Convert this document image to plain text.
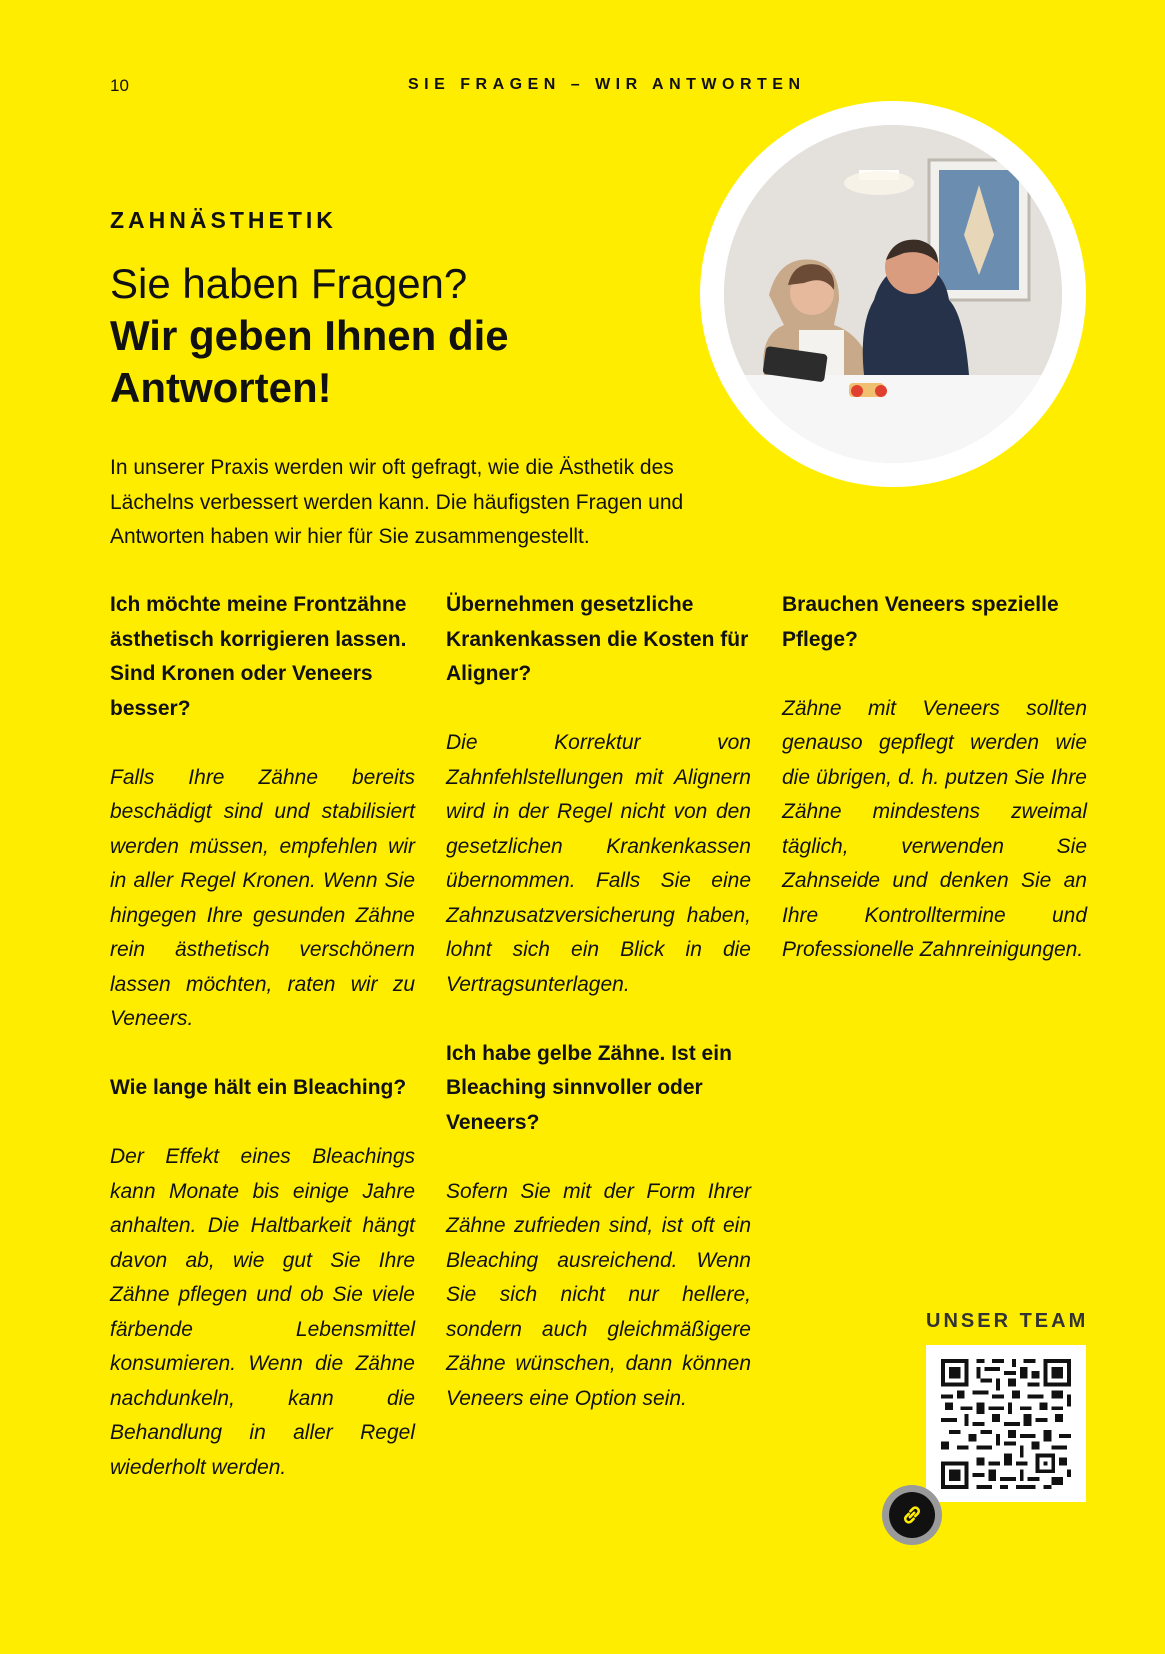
10	SIE FRAGEN – WIR ANTWORTEN
ZAHNÄSTHETIK
Sie haben Fragen?
Wir geben Ihnen die Antworten!
In unserer Praxis werden wir oft gefragt, wie die Ästhetik des Lächelns verbessert werden kann. Die häufigsten Fragen und Antworten haben wir hier für Sie zusammengestellt.

Ich möchte meine Frontzähne ästhetisch korrigieren lassen. Sind Kronen oder Veneers besser?

Falls Ihre Zähne bereits beschädigt sind und stabilisiert werden müssen, empfehlen wir in aller Regel Kronen. Wenn Sie hingegen Ihre gesunden Zähne rein ästhetisch verschönern lassen möchten, raten wir zu Veneers.

Wie lange hält ein Bleaching?

Der Effekt eines Bleachings kann Monate bis einige Jahre anhalten. Die Haltbarkeit hängt davon ab, wie gut Sie Ihre Zähne pflegen und ob Sie viele färbende Lebensmittel konsumieren. Wenn die Zähne nachdunkeln, kann die Behandlung in aller Regel wiederholt werden.

Übernehmen gesetzliche Krankenkassen die Kosten für Aligner?

Die Korrektur von Zahnfehlstellungen mit Alignern wird in der Regel nicht von den gesetzlichen Krankenkassen übernommen. Falls Sie eine Zahnzusatzversicherung haben, lohnt sich ein Blick in die Vertragsunterlagen.

Ich habe gelbe Zähne. Ist ein Bleaching sinnvoller oder Veneers?

Sofern Sie mit der Form Ihrer Zähne zufrieden sind, ist oft ein Bleaching ausreichend. Wenn Sie sich nicht nur hellere, sondern auch gleichmäßigere Zähne wünschen, dann können Veneers eine Option sein.

Brauchen Veneers spezielle Pflege?

Zähne mit Veneers sollten genauso gepflegt werden wie die übrigen, d. h. putzen Sie Ihre Zähne mindestens zweimal täglich, verwenden Sie Zahnseide und denken Sie an Ihre Kontrolltermine und Professionelle Zahnreinigungen.

UNSER TEAM
